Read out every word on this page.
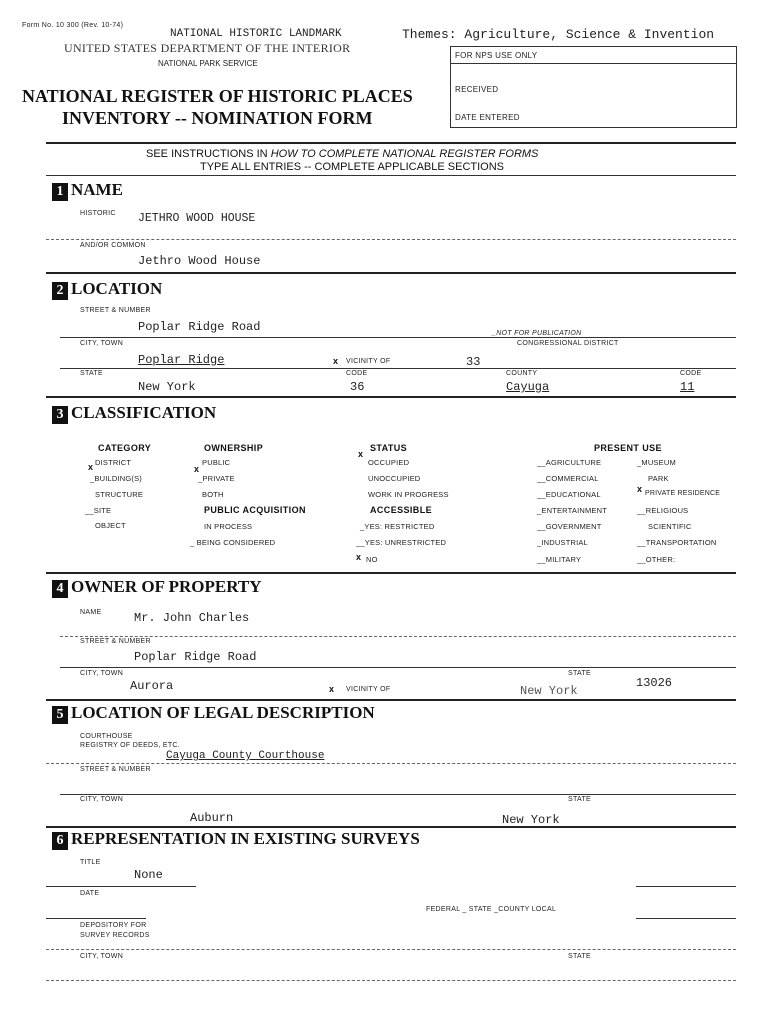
Form No. 10 300 (Rev. 10-74)
NATIONAL HISTORIC LANDMARK	Themes: Agriculture, Science & Invention
UNITED STATES DEPARTMENT OF THE INTERIOR
NATIONAL PARK SERVICE
NATIONAL REGISTER OF HISTORIC PLACES
INVENTORY -- NOMINATION FORM
FOR NPS USE ONLY
RECEIVED
DATE ENTERED
SEE INSTRUCTIONS IN HOW TO COMPLETE NATIONAL REGISTER FORMS
TYPE ALL ENTRIES -- COMPLETE APPLICABLE SECTIONS
1 NAME
HISTORIC JETHRO WOOD HOUSE
AND/OR COMMON
Jethro Wood House
2 LOCATION
STREET & NUMBER
Poplar Ridge Road	_NOT FOR PUBLICATION
CITY, TOWN	CONGRESSIONAL DISTRICT
Poplar Ridge	x VICINITY OF	33
STATE	CODE	COUNTY	CODE
New York	36	Cayuga	11
3 CLASSIFICATION
CATEGORY
x DISTRICT
_BUILDING(S)
STRUCTURE
__SITE
OBJECT
OWNERSHIP
x
PUBLIC
_PRIVATE
BOTH
PUBLIC ACQUISITION
IN PROCESS
_ BEING CONSIDERED
STATUS
x
OCCUPIED
UNOCCUPIED
WORK IN PROGRESS
ACCESSIBLE
_YES: RESTRICTED
__YES: UNRESTRICTED
x NO
PRESENT USE
__AGRICULTURE
__COMMERCIAL
__EDUCATIONAL
_ENTERTAINMENT
__GOVERNMENT
_INDUSTRIAL
__MILITARY
_MUSEUM
PARK
x PRIVATE RESIDENCE
__RELIGIOUS
SCIENTIFIC
__TRANSPORTATION
__OTHER:
4 OWNER OF PROPERTY
NAME	Mr. John Charles
STREET & NUMBER
Poplar Ridge Road
CITY, TOWN	STATE
Aurora	x VICINITY OF	New York
13026
5 LOCATION OF LEGAL DESCRIPTION
COURTHOUSE
REGISTRY OF DEEDS, ETC.
Cayuga County Courthouse
STREET & NUMBER
CITY, TOWN	STATE
Auburn	New York
6 REPRESENTATION IN EXISTING SURVEYS
TITLE
None
DATE
FEDERAL _ STATE _COUNTY LOCAL
DEPOSITORY FOR
SURVEY RECORDS
CITY, TOWN	STATE
